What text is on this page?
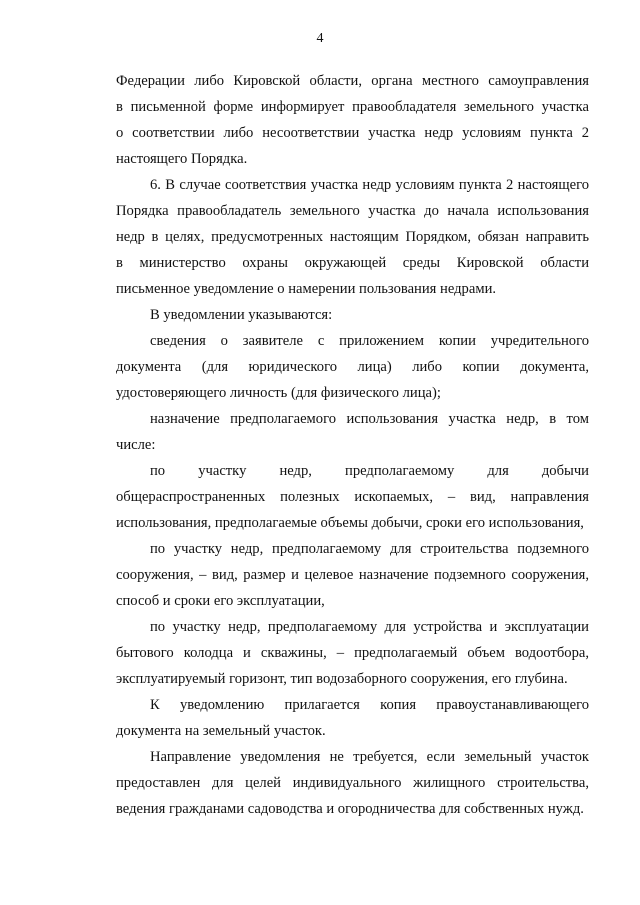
4
Федерации либо Кировской области, органа местного самоуправления
в письменной форме информирует правообладателя земельного участка
о соответствии либо несоответствии участка недр условиям пункта 2
настоящего Порядка.
6. В случае соответствия участка недр условиям пункта 2 настоящего
Порядка правообладатель земельного участка до начала использования
недр в целях, предусмотренных настоящим Порядком, обязан направить
в министерство охраны окружающей среды Кировской области
письменное уведомление о намерении пользования недрами.
В уведомлении указываются:
сведения о заявителе с приложением копии учредительного
документа (для юридического лица) либо копии документа,
удостоверяющего личность (для физического лица);
назначение предполагаемого использования участка недр, в том
числе:
по участку недр, предполагаемому для добычи
общераспространенных полезных ископаемых, – вид, направления
использования, предполагаемые объемы добычи, сроки его использования,
по участку недр, предполагаемому для строительства подземного
сооружения, – вид, размер и целевое назначение подземного сооружения,
способ и сроки его эксплуатации,
по участку недр, предполагаемому для устройства и эксплуатации
бытового колодца и скважины, – предполагаемый объем водоотбора,
эксплуатируемый горизонт, тип водозаборного сооружения, его глубина.
К уведомлению прилагается копия правоустанавливающего
документа на земельный участок.
Направление уведомления не требуется, если земельный участок
предоставлен для целей индивидуального жилищного строительства,
ведения гражданами садоводства и огородничества для собственных нужд.
